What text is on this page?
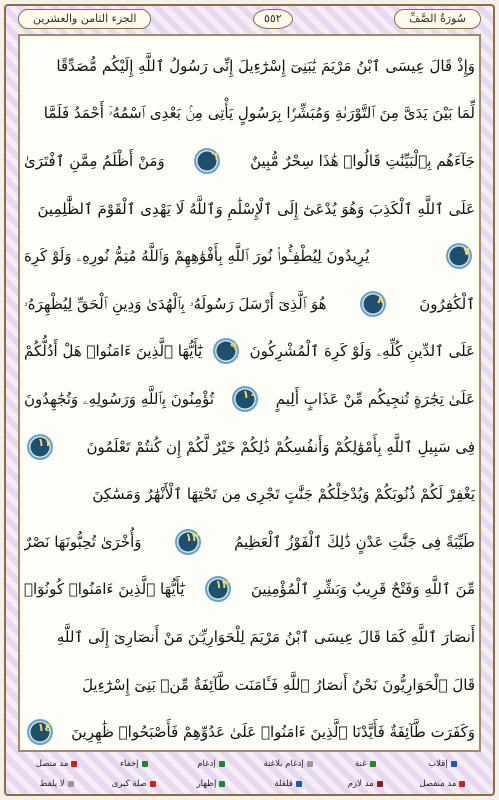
الجزء الثامن والعشرين	٥٥٢	سُورَةُ الصَّفِّ
وَإِذْ قَالَ عِيسَى ٱبْنُ مَرْيَمَ يَٰبَنِىٓ إِسْرَٰٓءِيلَ إِنِّى رَسُولُ ٱللَّهِ إِلَيْكُم مُّصَدِّقًا
لِّمَا بَيْنَ يَدَىَّ مِنَ ٱلتَّوْرَىٰةِ وَمُبَشِّرًۢا بِرَسُولٍ يَأْتِى مِنۢ بَعْدِى ٱسْمُهُۥٓ أَحْمَدُ فَلَمَّا
جَآءَهُم بِٱلْبَيِّنَٰتِ قَالُوا۟ هَٰذَا سِحْرٌ مُّبِينٌ
٦
وَمَنْ أَظْلَمُ مِمَّنِ ٱفْتَرَىٰ
عَلَى ٱللَّهِ ٱلْكَذِبَ وَهُوَ يُدْعَىٰٓ إِلَى ٱلْإِسْلَٰمِ وَٱللَّهُ لَا يَهْدِى ٱلْقَوْمَ ٱلظَّٰلِمِينَ
٧
يُرِيدُونَ لِيُطْفِـُٔوا۟ نُورَ ٱللَّهِ بِأَفْوَٰهِهِمْ وَٱللَّهُ مُتِمُّ نُورِهِۦ وَلَوْ كَرِهَ
ٱلْكَٰفِرُونَ
٨
هُوَ ٱلَّذِىٓ أَرْسَلَ رَسُولَهُۥ بِٱلْهُدَىٰ وَدِينِ ٱلْحَقِّ لِيُظْهِرَهُۥ
عَلَى ٱلدِّينِ كُلِّهِۦ وَلَوْ كَرِهَ ٱلْمُشْرِكُونَ
٩
يَٰٓأَيُّهَا ٱلَّذِينَ ءَامَنُوا۟ هَلْ أَدُلُّكُمْ
عَلَىٰ تِجَٰرَةٍ تُنجِيكُم مِّنْ عَذَابٍ أَلِيمٍ
١٠
تُؤْمِنُونَ بِٱللَّهِ وَرَسُولِهِۦ وَتُجَٰهِدُونَ
فِى سَبِيلِ ٱللَّهِ بِأَمْوَٰلِكُمْ وَأَنفُسِكُمْ ذَٰلِكُمْ خَيْرٌ لَّكُمْ إِن كُنتُمْ تَعْلَمُونَ
١١
يَغْفِرْ لَكُمْ ذُنُوبَكُمْ وَيُدْخِلْكُمْ جَنَّٰتٍ تَجْرِى مِن تَحْتِهَا ٱلْأَنْهَٰرُ وَمَسَٰكِنَ
طَيِّبَةً فِى جَنَّٰتِ عَدْنٍ ذَٰلِكَ ٱلْفَوْزُ ٱلْعَظِيمُ
١٢
وَأُخْرَىٰ تُحِبُّونَهَا نَصْرٌ
مِّنَ ٱللَّهِ وَفَتْحٌ قَرِيبٌ وَبَشِّرِ ٱلْمُؤْمِنِينَ
١٣
يَٰٓأَيُّهَا ٱلَّذِينَ ءَامَنُوا۟ كُونُوٓا۟
أَنصَارَ ٱللَّهِ كَمَا قَالَ عِيسَى ٱبْنُ مَرْيَمَ لِلْحَوَارِيِّـۧنَ مَنْ أَنصَارِىٓ إِلَى ٱللَّهِ
قَالَ ٱلْحَوَارِيُّونَ نَحْنُ أَنصَارُ ٱللَّهِ فَـَٔامَنَت طَّآئِفَةٌ مِّنۢ بَنِىٓ إِسْرَٰٓءِيلَ
وَكَفَرَت طَّآئِفَةٌ فَأَيَّدْنَا ٱلَّذِينَ ءَامَنُوا۟ عَلَىٰ عَدُوِّهِمْ فَأَصْبَحُوا۟ ظَٰهِرِينَ
١٤
إقلاب
غنة
إدغام بلاغنة
إدغام
إخفاء
مد متصل
مد منفصل
مد لازم
قلقلة
إظهار
صلة كبرى
لا يلفظ
